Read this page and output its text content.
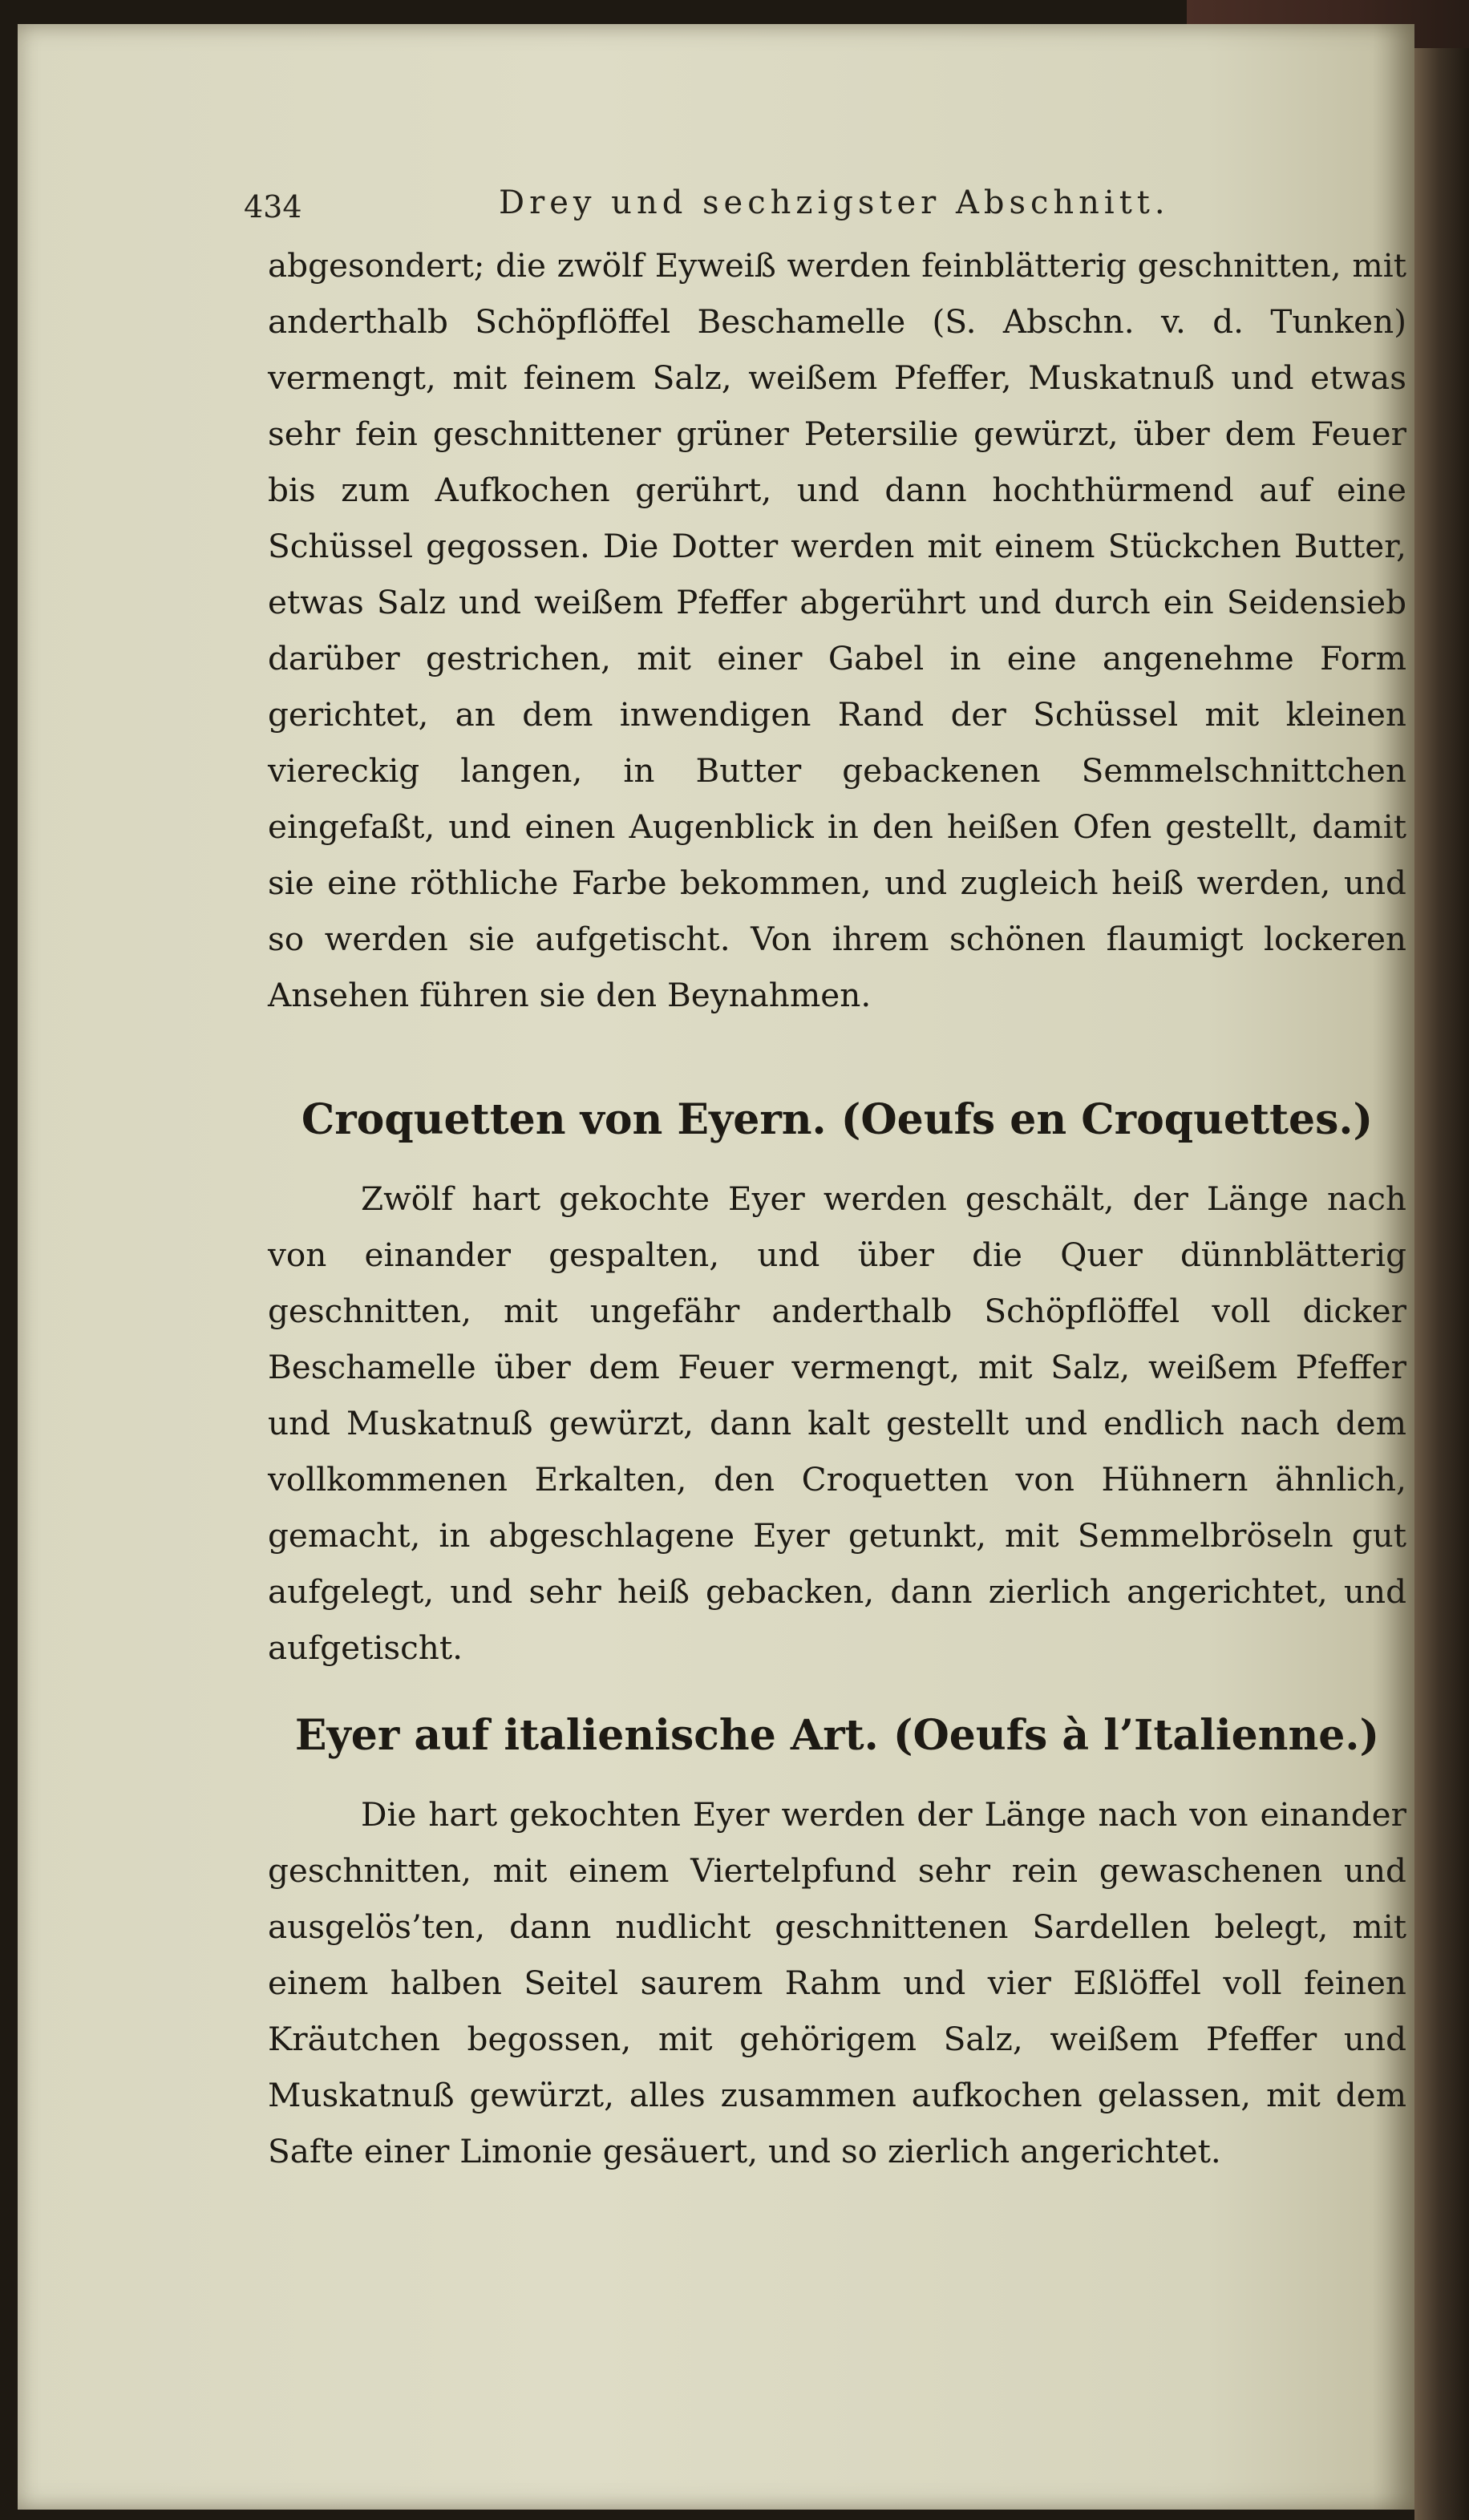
434	Drey und sechzigster Abschnitt.

abgesondert; die zwölf Eyweiß werden feinblätterig geschnitten, mit anderthalb Schöpflöffel Beschamelle (S. Abschn. v. d. Tunken) vermengt, mit feinem Salz, weißem Pfeffer, Muskatnuß und etwas sehr fein geschnittener grüner Petersilie gewürzt, über dem Feuer bis zum Aufkochen gerührt, und dann hochthürmend auf eine Schüssel gegossen. Die Dotter werden mit einem Stückchen Butter, etwas Salz und weißem Pfeffer abgerührt und durch ein Seidensieb darüber gestrichen, mit einer Gabel in eine angenehme Form gerichtet, an dem inwendigen Rand der Schüssel mit kleinen viereckig langen, in Butter gebackenen Semmelschnittchen eingefaßt, und einen Augenblick in den heißen Ofen gestellt, damit sie eine röthliche Farbe bekommen, und zugleich heiß werden, und so werden sie aufgetischt. Von ihrem schönen flaumigt lockeren Ansehen führen sie den Beynahmen.

Croquetten von Eyern. (Oeufs en Croquettes.)

Zwölf hart gekochte Eyer werden geschält, der Länge nach von einander gespalten, und über die Quer dünnblätterig geschnitten, mit ungefähr anderthalb Schöpflöffel voll dicker Beschamelle über dem Feuer vermengt, mit Salz, weißem Pfeffer und Muskatnuß gewürzt, dann kalt gestellt und endlich nach dem vollkommenen Erkalten, den Croquetten von Hühnern ähnlich, gemacht, in abgeschlagene Eyer getunkt, mit Semmelbröseln gut aufgelegt, und sehr heiß gebacken, dann zierlich angerichtet, und aufgetischt.

Eyer auf italienische Art. (Oeufs à l’Italienne.)

Die hart gekochten Eyer werden der Länge nach von einander geschnitten, mit einem Viertelpfund sehr rein gewaschenen und ausgelös’ten, dann nudlicht geschnittenen Sardellen belegt, mit einem halben Seitel saurem Rahm und vier Eßlöffel voll feinen Kräutchen begossen, mit gehörigem Salz, weißem Pfeffer und Muskatnuß gewürzt, alles zusammen aufkochen gelassen, mit dem Safte einer Limonie gesäuert, und so zierlich angerichtet.
